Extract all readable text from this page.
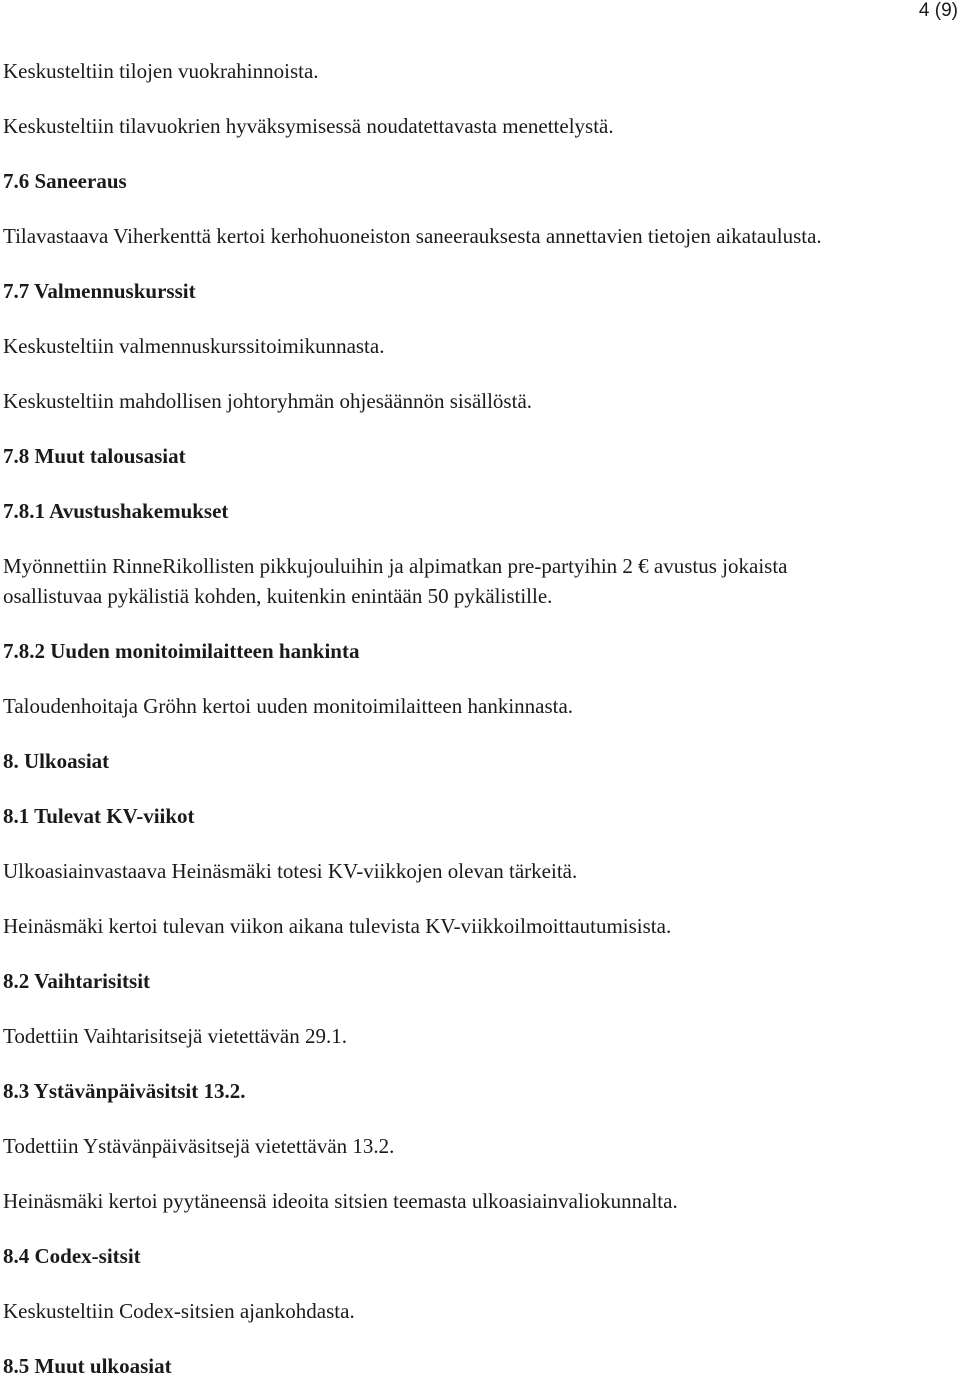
4 (9)

Keskusteltiin tilojen vuokrahinnoista.

Keskusteltiin tilavuokrien hyväksymisessä noudatettavasta menettelystä.

7.6 Saneeraus

Tilavastaava Viherkenttä kertoi kerhohuoneiston saneerauksesta annettavien tietojen aikataulusta.

7.7 Valmennuskurssit

Keskusteltiin valmennuskurssitoimikunnasta.

Keskusteltiin mahdollisen johtoryhmän ohjesäännön sisällöstä.

7.8 Muut talousasiat

7.8.1 Avustushakemukset

Myönnettiin RinneRikollisten pikkujouluihin ja alpimatkan pre-partyihin 2 € avustus jokaista

osallistuvaa pykälistiä kohden, kuitenkin enintään 50 pykälistille.

7.8.2 Uuden monitoimilaitteen hankinta

Taloudenhoitaja Gröhn kertoi uuden monitoimilaitteen hankinnasta.

8. Ulkoasiat

8.1 Tulevat KV-viikot

Ulkoasiainvastaava Heinäsmäki totesi KV-viikkojen olevan tärkeitä.

Heinäsmäki kertoi tulevan viikon aikana tulevista KV-viikkoilmoittautumisista.

8.2 Vaihtarisitsit

Todettiin Vaihtarisitsejä vietettävän 29.1.

8.3 Ystävänpäiväsitsit 13.2.

Todettiin Ystävänpäiväsitsejä vietettävän 13.2.

Heinäsmäki kertoi pyytäneensä ideoita sitsien teemasta ulkoasiainvaliokunnalta.

8.4 Codex-sitsit

Keskusteltiin Codex-sitsien ajankohdasta.

8.5 Muut ulkoasiat
